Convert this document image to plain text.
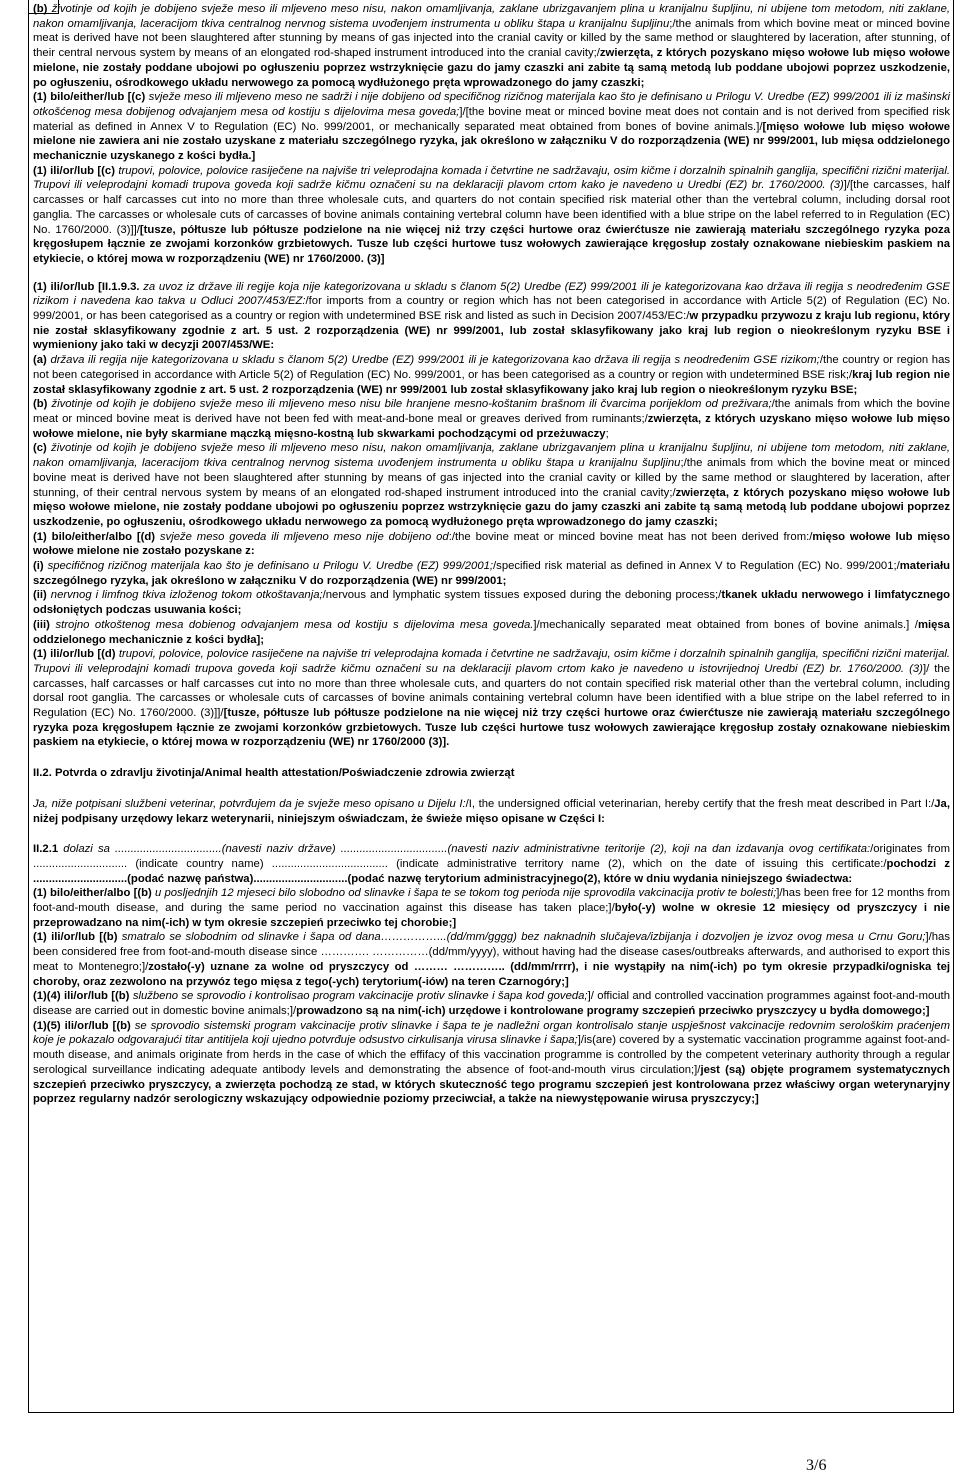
(b) životinje od kojih je dobijeno svježe meso ili mljeveno meso nisu, nakon omamljivanja, zaklane ubrizgavanjem plina u kranijalnu šupljinu, ni ubijene tom metodom, niti zaklane, nakon omamljivanja, laceracijom tkiva centralnog nervnog sistema uvođenjem instrumenta u obliku štapa u kranijalnu šupljinu;/the animals from which bovine meat or minced bovine meat is derived have not been slaughtered after stunning by means of gas injected into the cranial cavity or killed by the same method or slaughtered by laceration, after stunning, of their central nervous system by means of an elongated rod-shaped instrument introduced into the cranial cavity;/zwierzęta, z których pozyskano mięso wołowe lub mięso wołowe mielone, nie zostały poddane ubojowi po ogłuszeniu poprzez wstrzyknięcie gazu do jamy czaszki ani zabite tą samą metodą lub poddane ubojowi poprzez uszkodzenie, po ogłuszeniu, ośrodkowego układu nerwowego za pomocą wydłużonego pręta wprowadzonego do jamy czaszki;

(1) bilo/either/lub [(c) svježe meso ili mljeveno meso ne sadrži i nije dobijeno od specifičnog rizičnog materijala kao što je definisano u Prilogu V. Uredbe (EZ) 999/2001 ili iz mašinski otkošćenog mesa dobijenog odvajanjem mesa od kostiju s dijelovima mesa goveda;]/[the bovine meat or minced bovine meat does not contain and is not derived from specified risk material as defined in Annex V to Regulation (EC) No. 999/2001, or mechanically separated meat obtained from bones of bovine animals.]/[mięso wołowe lub mięso wołowe mielone nie zawiera ani nie zostało uzyskane z materiału szczególnego ryzyka, jak określono w załączniku V do rozporządzenia (WE) nr 999/2001, lub mięsa oddzielonego mechanicznie uzyskanego z kości bydła.]

(1) ili/or/lub [(c) trupovi, polovice, polovice rasiječene na najviše tri veleprodajna komada i četvrtine ne sadržavaju, osim kičme i dorzalnih spinalnih ganglija, specifični rizični materijal. Trupovi ili veleprodajni komadi trupova goveda koji sadrže kičmu označeni su na deklaraciji plavom crtom kako je navedeno u Uredbi (EZ) br. 1760/2000. (3)]/[the carcasses, half carcasses or half carcasses cut into no more than three wholesale cuts, and quarters do not contain specified risk material other than the vertebral column, including dorsal root ganglia. The carcasses or wholesale cuts of carcasses of bovine animals containing vertebral column have been identified with a blue stripe on the label referred to in Regulation (EC) No. 1760/2000. (3)]]/[tusze, półtusze lub półtusze podzielone na nie więcej niż trzy części hurtowe oraz ćwierćtusze nie zawierają materiału szczególnego ryzyka poza kręgosłupem łącznie ze zwojami korzonków grzbietowych. Tusze lub części hurtowe tusz wołowych zawierające kręgosłup zostały oznakowane niebieskim paskiem na etykiecie, o której mowa w rozporządzeniu (WE) nr 1760/2000. (3)]

(1) ili/or/lub [II.1.9.3. za uvoz iz države ili regije koja nije kategorizovana u skladu s članom 5(2) Uredbe (EZ) 999/2001 ili je kategorizovana kao država ili regija s neodređenim GSE rizikom i navedena kao takva u Odluci 2007/453/EZ:/for imports from a country or region which has not been categorised in accordance with Article 5(2) of Regulation (EC) No. 999/2001, or has been categorised as a country or region with undetermined BSE risk and listed as such in Decision 2007/453/EC:/w przypadku przywozu z kraju lub regionu, który nie został sklasyfikowany zgodnie z art. 5 ust. 2 rozporządzenia (WE) nr 999/2001, lub został sklasyfikowany jako kraj lub region o nieokreślonym ryzyku BSE i wymieniony jako taki w decyzji 2007/453/WE:

(a) država ili regija nije kategorizovana u skladu s članom 5(2) Uredbe (EZ) 999/2001 ili je kategorizovana kao država ili regija s neodređenim GSE rizikom;/the country or region has not been categorised in accordance with Article 5(2) of Regulation (EC) No. 999/2001, or has been categorised as a country or region with undetermined BSE risk;/kraj lub region nie został sklasyfikowany zgodnie z art. 5 ust. 2 rozporządzenia (WE) nr 999/2001 lub został sklasyfikowany jako kraj lub region o nieokreślonym ryzyku BSE;

(b) životinje od kojih je dobijeno svježe meso ili mljeveno meso nisu bile hranjene mesno-koštanim brašnom ili čvarcima porijeklom od preživara;/the animals from which the bovine meat or minced bovine meat is derived have not been fed with meat-and-bone meal or greaves derived from ruminants;/zwierzęta, z których uzyskano mięso wołowe lub mięso wołowe mielone, nie były skarmiane mączką mięsno-kostną lub skwarkami pochodzącymi od przeżuwaczy;

(c) životinje od kojih je dobijeno svježe meso ili mljeveno meso nisu, nakon omamljivanja, zaklane ubrizgavanjem plina u kranijalnu šupljinu, ni ubijene tom metodom, niti zaklane, nakon omamljivanja, laceracijom tkiva centralnog nervnog sistema uvođenjem instrumenta u obliku štapa u kranijalnu šupljinu;/the animals from which the bovine meat or minced bovine meat is derived have not been slaughtered after stunning by means of gas injected into the cranial cavity or killed by the same method or slaughtered by laceration, after stunning, of their central nervous system by means of an elongated rod-shaped instrument introduced into the cranial cavity;/zwierzęta, z których pozyskano mięso wołowe lub mięso wołowe mielone, nie zostały poddane ubojowi po ogłuszeniu poprzez wstrzyknięcie gazu do jamy czaszki ani zabite tą samą metodą lub poddane ubojowi poprzez uszkodzenie, po ogłuszeniu, ośrodkowego układu nerwowego za pomocą wydłużonego pręta wprowadzonego do jamy czaszki;

(1) bilo/either/albo [(d) svježe meso goveda ili mljeveno meso nije dobijeno od:/the bovine meat or minced bovine meat has not been derived from:/mięso wołowe lub mięso wołowe mielone nie zostało pozyskane z:

(i) specifičnog rizičnog materijala kao što je definisano u Prilogu V. Uredbe (EZ) 999/2001;/specified risk material as defined in Annex V to Regulation (EC) No. 999/2001;/materiału szczególnego ryzyka, jak określono w załączniku V do rozporządzenia (WE) nr 999/2001;

(ii) nervnog i limfnog tkiva izloženog tokom otkoštavanja;/nervous and lymphatic system tissues exposed during the deboning process;/tkanek układu nerwowego i limfatycznego odsłoniętych podczas usuwania kości;

(iii) strojno otkoštenog mesa dobienog odvajanjem mesa od kostiju s dijelovima mesa goveda.]/mechanically separated meat obtained from bones of bovine animals.] /mięsa oddzielonego mechanicznie z kości bydła];

(1) ili/or/lub [(d) trupovi, polovice, polovice rasiječene na najviše tri veleprodajna komada i četvrtine ne sadržavaju, osim kičme i dorzalnih spinalnih ganglija, specifični rizični materijal. Trupovi ili veleprodajni komadi trupova goveda koji sadrže kičmu označeni su na deklaraciji plavom crtom kako je navedeno u istovrijednoj Uredbi (EZ) br. 1760/2000. (3)]/ the carcasses, half carcasses or half carcasses cut into no more than three wholesale cuts, and quarters do not contain specified risk material other than the vertebral column, including dorsal root ganglia. The carcasses or wholesale cuts of carcasses of bovine animals containing vertebral column have been identified with a blue stripe on the label referred to in Regulation (EC) No. 1760/2000. (3)]]/[tusze, półtusze lub półtusze podzielone na nie więcej niż trzy części hurtowe oraz ćwierćtusze nie zawierają materiału szczególnego ryzyka poza kręgosłupem łącznie ze zwojami korzonków grzbietowych. Tusze lub części hurtowe tusz wołowych zawierające kręgosłup zostały oznakowane niebieskim paskiem na etykiecie, o której mowa w rozporządzeniu (WE) nr 1760/2000 (3)].

II.2. Potvrda o zdravlju životinja/Animal health attestation/Poświadczenie zdrowia zwierząt

Ja, niže potpisani službeni veterinar, potvrđujem da je svježe meso opisano u Dijelu I:/I, the undersigned official veterinarian, hereby certify that the fresh meat described in Part I:/Ja, niżej podpisany urzędowy lekarz weterynarii, niniejszym oświadczam, że świeże mięso opisane w Części I:

II.2.1 dolazi sa ..................................(navesti naziv države) ..................................(navesti naziv administrativne teritorije (2), koji na dan izdavanja ovog certifikata:/originates from .............................. (indicate country name) ..................................... (indicate administrative territory name (2), which on the date of issuing this certificate:/pochodzi z ..............................(podać nazwę państwa)..............................(podać nazwę terytorium administracyjnego(2), które w dniu wydania niniejszego świadectwa:

(1) bilo/either/albo [(b) u posljednjih 12 mjeseci bilo slobodno od slinavke i šapa te se tokom tog perioda nije sprovodila vakcinacija protiv te bolesti;]/has been free for 12 months from foot-and-mouth disease, and during the same period no vaccination against this disease has taken place;]/było(-y) wolne w okresie 12 miesięcy od pryszczycy i nie przeprowadzano na nim(-ich) w tym okresie szczepień przeciwko tej chorobie;]

(1) ili/or/lub [(b) smatralo se slobodnim od slinavke i šapa od dana……………...(dd/mm/gggg) bez naknadnih slučajeva/izbijanja i dozvoljen je izvoz ovog mesa u Crnu Goru;]/has been considered free from foot-and-mouth disease since …………. ……………(dd/mm/yyyy), without having had the disease cases/outbreaks afterwards, and authorised to export this meat to Montenegro;]/zostało(-y) uznane za wolne od pryszczycy od ……… ………….. (dd/mm/rrrr), i nie wystąpiły na nim(-ich) po tym okresie przypadki/ogniska tej choroby, oraz zezwolono na przywóz tego mięsa z tego(-ych) terytorium(-iów) na teren Czarnogóry;]

(1)(4) ili/or/lub [(b) službeno se sprovodio i kontrolisao program vakcinacije protiv slinavke i šapa kod goveda;]/ official and controlled vaccination programmes against foot-and-mouth disease are carried out in domestic bovine animals;]/prowadzono są na nim(-ich) urzędowe i kontrolowane programy szczepień przeciwko pryszczycy u bydła domowego;]

(1)(5) ili/or/lub [(b) se sprovodio sistemski program vakcinacije protiv slinavke i šapa te je nadležni organ kontrolisalo stanje uspješnost vakcinacije redovnim serološkim praćenjem koje je pokazalo odgovarajući titar antitijela koji ujedno potvrđuje odsustvo cirkulisanja virusa slinavke i šapa;]/is(are) covered by a systematic vaccination programme against foot-and-mouth disease, and animals originate from herds in the case of which the effifacy of this vaccination programme is controlled by the competent veterinary authority through a regular serological surveillance indicating adequate antibody levels and demonstrating the absence of foot-and-mouth virus circulation;]/jest (są) objęte programem systematycznych szczepień przeciwko pryszczycy, a zwierzęta pochodzą ze stad, w których skuteczność tego programu szczepień jest kontrolowana przez właściwy organ weterynaryjny poprzez regularny nadzór serologiczny wskazujący odpowiednie poziomy przeciwciał, a także na niewystępowanie wirusa pryszczycy;]

3/6
